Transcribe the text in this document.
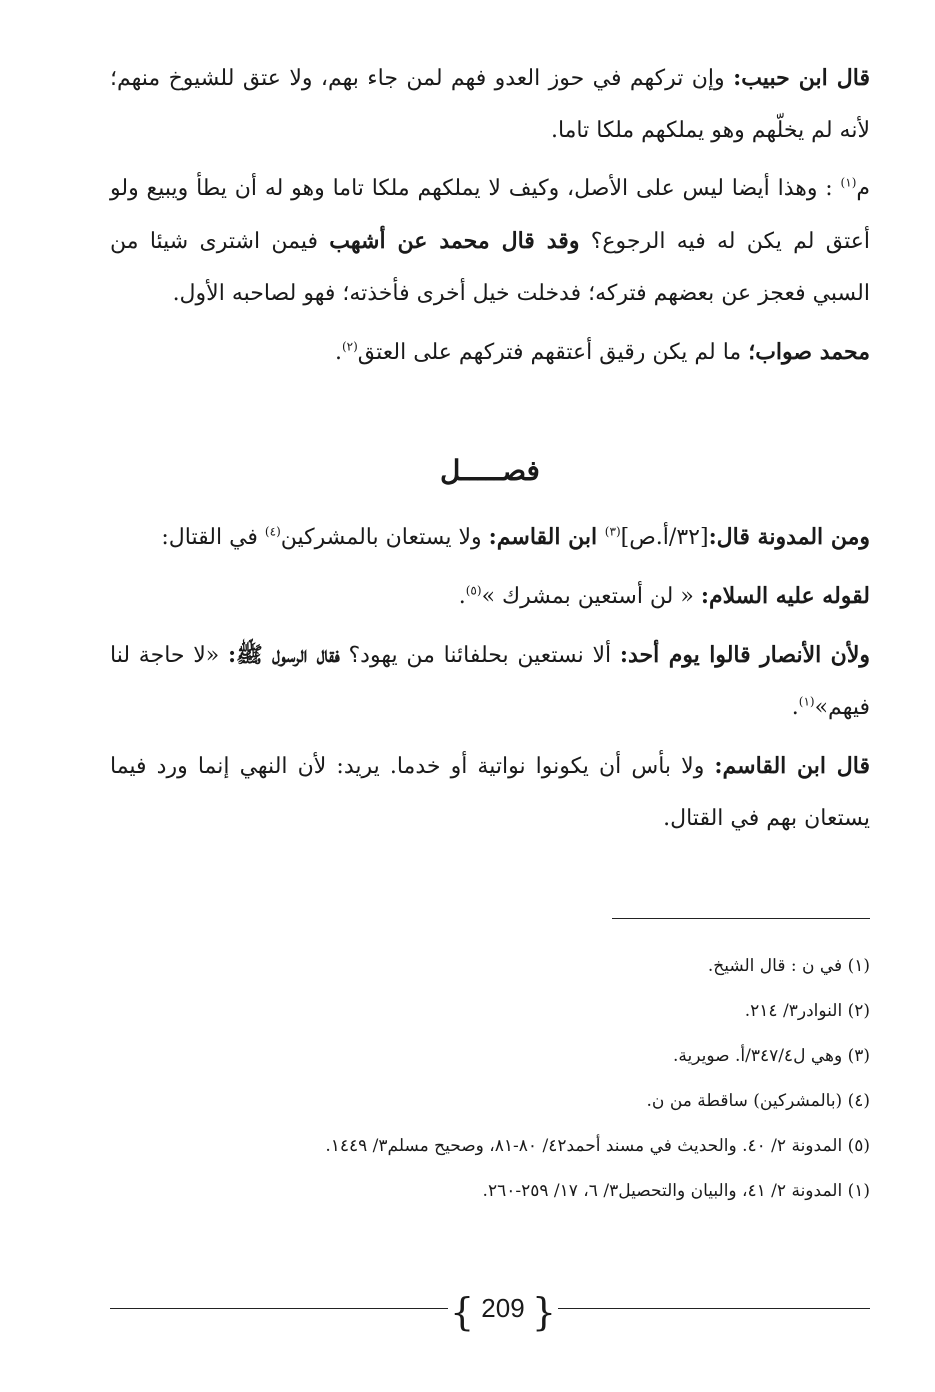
قال ابن حبيب: وإن تركهم في حوز العدو فهم لمن جاء بهم، ولا عتق للشيوخ منهم؛ لأنه لم يخلّهم وهو يملكهم ملكا تاما.

م$^{(١)}$ : وهذا أيضا ليس على الأصل، وكيف لا يملكهم ملكا تاما وهو له أن يطأ ويبيع ولو أعتق لم يكن له فيه الرجوع؟ وقد قال محمد عن أشهب فيمن اشترى شيئا من السبي فعجز عن بعضهم فتركه؛ فدخلت خيل أخرى فأخذته؛ فهو لصاحبه الأول.

محمد صواب؛ ما لم يكن رقيق أعتقهم فتركهم على العتق$^{(٢)}$.

فصـــــل

ومن المدونة قال:[٣٢/أ.ص]$^{(٣)}$ ابن القاسم: ولا يستعان بالمشركين$^{(٤)}$ في القتال:

لقوله عليه السلام: « لن أستعين بمشرك »$^{(٥)}$.

ولأن الأنصار قالوا يوم أحد: ألا نستعين بحلفائنا من يهود؟ فقال الرسول ﷺ: «لا حاجة لنا فيهم»$^{(١)}$.

قال ابن القاسم: ولا بأس أن يكونوا نواتية أو خدما. يريد: لأن النهي إنما ورد فيما يستعان بهم في القتال.

(١) في ن : قال الشيخ.
(٢) النوادر٣/ ٢١٤.
(٣) وهي ل٣٤٧/٤/أ. صويرية.
(٤) (بالمشركين) ساقطة من ن.
(٥) المدونة ٢/ ٤٠. والحديث في مسند أحمد٤٢/ ٨٠-٨١، وصحيح مسلم٣/ ١٤٤٩.
(١) المدونة ٢/ ٤١، والبيان والتحصيل٣/ ٦، ١٧/ ٢٥٩-٢٦٠.
{ 209 }
